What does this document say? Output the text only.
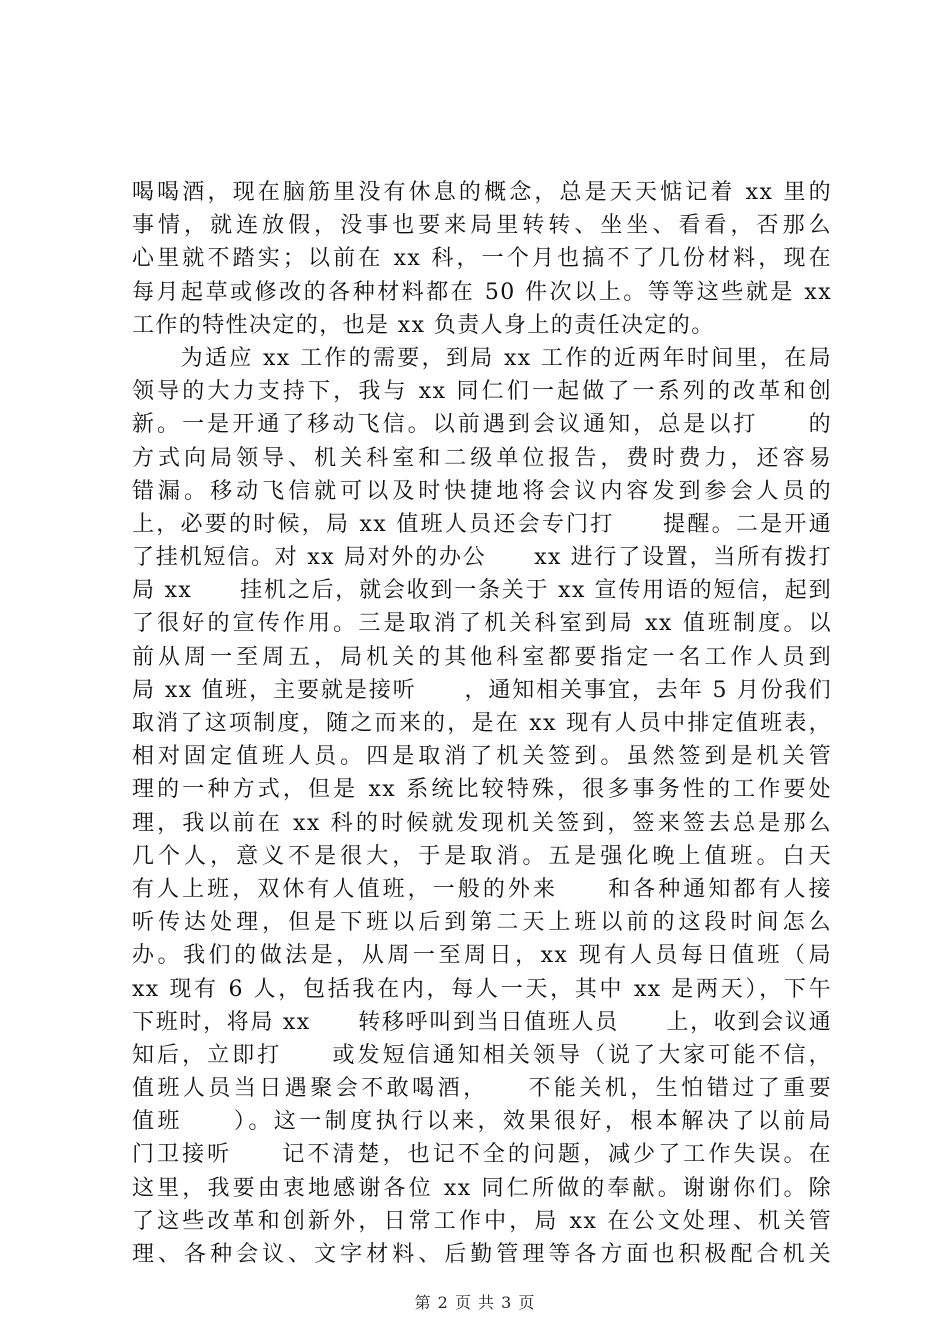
喝喝酒，现在脑筋里没有休息的概念，总是天天惦记着 xx 里的
事情，就连放假，没事也要来局里转转、坐坐、看看，否那么
心里就不踏实；以前在 xx 科，一个月也搞不了几份材料，现在
每月起草或修改的各种材料都在 50 件次以上。等等这些就是 xx
工作的特性决定的，也是 xx 负责人身上的责任决定的。
　　为适应 xx 工作的需要，到局 xx 工作的近两年时间里，在局
领导的大力支持下，我与 xx 同仁们一起做了一系列的改革和创
新。一是开通了移动飞信。以前遇到会议通知，总是以打　　的
方式向局领导、机关科室和二级单位报告，费时费力，还容易
错漏。移动飞信就可以及时快捷地将会议内容发到参会人员的
上，必要的时候，局 xx 值班人员还会专门打　　提醒。二是开通
了挂机短信。对 xx 局对外的办公　　xx 进行了设置，当所有拨打
局 xx　　挂机之后，就会收到一条关于 xx 宣传用语的短信，起到
了很好的宣传作用。三是取消了机关科室到局 xx 值班制度。以
前从周一至周五，局机关的其他科室都要指定一名工作人员到
局 xx 值班，主要就是接听　　，通知相关事宜，去年 5 月份我们
取消了这项制度，随之而来的，是在 xx 现有人员中排定值班表，
相对固定值班人员。四是取消了机关签到。虽然签到是机关管
理的一种方式，但是 xx 系统比较特殊，很多事务性的工作要处
理，我以前在 xx 科的时候就发现机关签到，签来签去总是那么
几个人，意义不是很大，于是取消。五是强化晚上值班。白天
有人上班，双休有人值班，一般的外来　　和各种通知都有人接
听传达处理，但是下班以后到第二天上班以前的这段时间怎么
办。我们的做法是，从周一至周日，xx 现有人员每日值班（局
xx 现有 6 人，包括我在内，每人一天，其中 xx 是两天），下午
下班时，将局 xx　　转移呼叫到当日值班人员　　上，收到会议通
知后，立即打　　或发短信通知相关领导（说了大家可能不信，
值班人员当日遇聚会不敢喝酒，　　不能关机，生怕错过了重要
值班　　）。这一制度执行以来，效果很好，根本解决了以前局
门卫接听　　记不清楚，也记不全的问题，减少了工作失误。在
这里，我要由衷地感谢各位 xx 同仁所做的奉献。谢谢你们。除
了这些改革和创新外，日常工作中，局 xx 在公文处理、机关管
理、各种会议、文字材料、后勤管理等各方面也积极配合机关
第 2 页 共 3 页
